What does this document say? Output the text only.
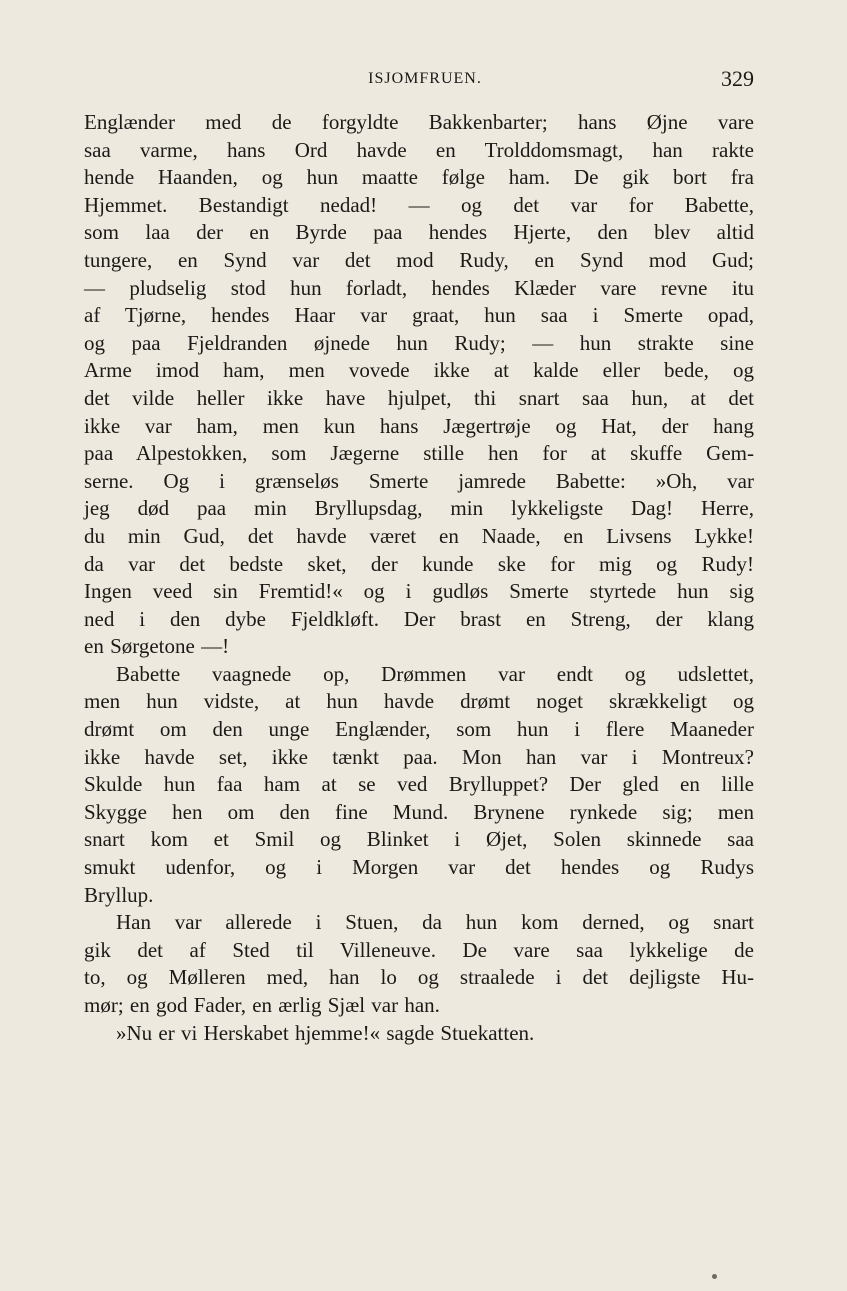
ISJOMFRUEN.	329
Englænder med de forgyldte Bakkenbarter; hans Øjne vare
saa varme, hans Ord havde en Trolddomsmagt, han rakte
hende Haanden, og hun maatte følge ham. De gik bort fra
Hjemmet. Bestandigt nedad! — og det var for Babette,
som laa der en Byrde paa hendes Hjerte, den blev altid
tungere, en Synd var det mod Rudy, en Synd mod Gud;
— pludselig stod hun forladt, hendes Klæder vare revne itu
af Tjørne, hendes Haar var graat, hun saa i Smerte opad,
og paa Fjeldranden øjnede hun Rudy; — hun strakte sine
Arme imod ham, men vovede ikke at kalde eller bede, og
det vilde heller ikke have hjulpet, thi snart saa hun, at det
ikke var ham, men kun hans Jægertrøje og Hat, der hang
paa Alpestokken, som Jægerne stille hen for at skuffe Gem-
serne. Og i grænseløs Smerte jamrede Babette: »Oh, var
jeg død paa min Bryllupsdag, min lykkeligste Dag! Herre,
du min Gud, det havde været en Naade, en Livsens Lykke!
da var det bedste sket, der kunde ske for mig og Rudy!
Ingen veed sin Fremtid!« og i gudløs Smerte styrtede hun sig
ned i den dybe Fjeldkløft. Der brast en Streng, der klang
en Sørgetone —!
Babette vaagnede op, Drømmen var endt og udslettet,
men hun vidste, at hun havde drømt noget skrækkeligt og
drømt om den unge Englænder, som hun i flere Maaneder
ikke havde set, ikke tænkt paa. Mon han var i Montreux?
Skulde hun faa ham at se ved Brylluppet? Der gled en lille
Skygge hen om den fine Mund. Brynene rynkede sig; men
snart kom et Smil og Blinket i Øjet, Solen skinnede saa
smukt udenfor, og i Morgen var det hendes og Rudys
Bryllup.
Han var allerede i Stuen, da hun kom derned, og snart
gik det af Sted til Villeneuve. De vare saa lykkelige de
to, og Mølleren med, han lo og straalede i det dejligste Hu-
mør; en god Fader, en ærlig Sjæl var han.
»Nu er vi Herskabet hjemme!« sagde Stuekatten.
